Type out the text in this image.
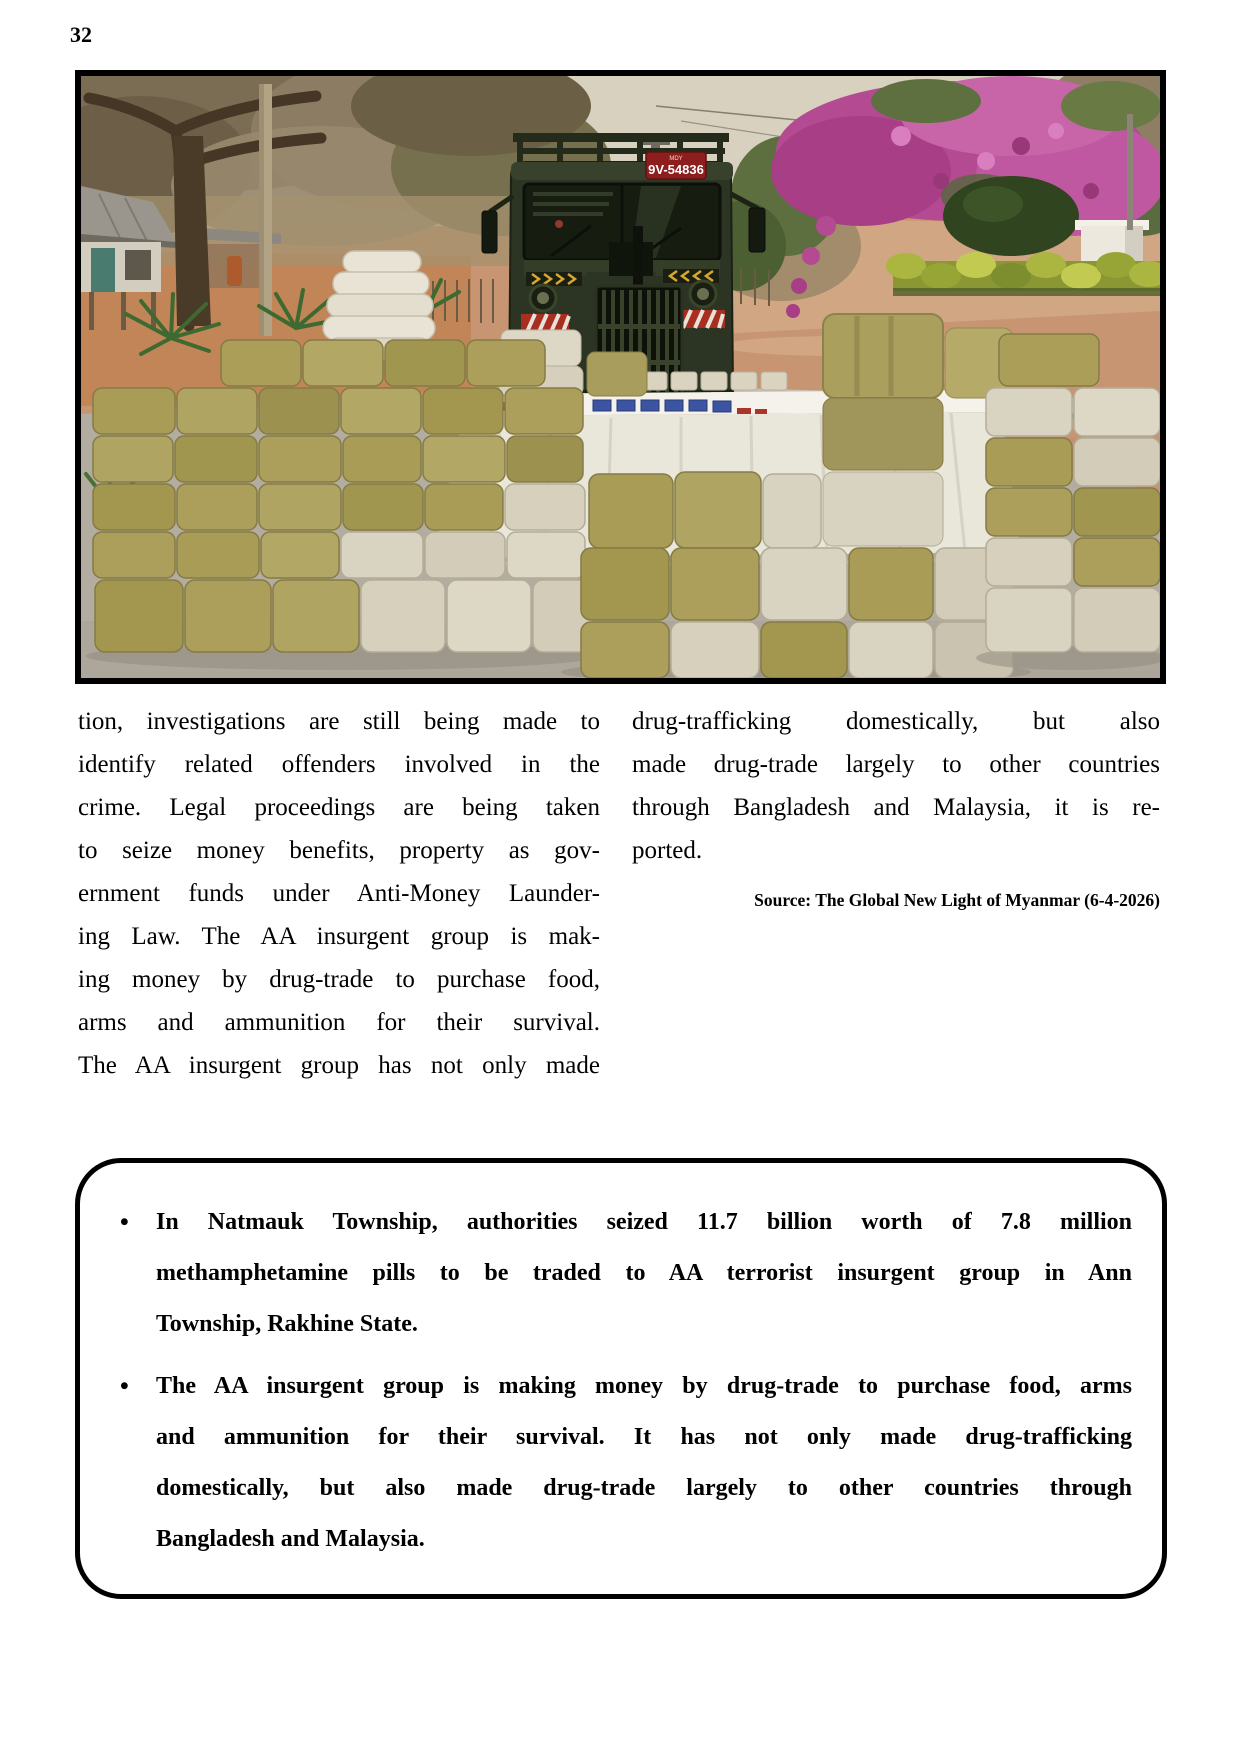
32
MDY
9V-54836
tion, investigations are still being made to
identify related offenders involved in the
crime. Legal proceedings are being taken
to seize money benefits, property as gov-
ernment funds under Anti-Money Launder-
ing Law. The AA insurgent group is mak-
ing money by drug-trade to purchase food,
arms and ammunition for their survival.
The AA insurgent group has not only made
drug-trafficking domestically, but also
made drug-trade largely to other countries
through Bangladesh and Malaysia, it is re-
ported.
Source: The Global New Light of Myanmar (6-4-2026)
•	In Natmauk Township, authorities seized 11.7 billion worth of 7.8 million
methamphetamine pills to be traded to AA terrorist insurgent group in Ann
Township, Rakhine State.
•	The AA insurgent group is making money by drug-trade to purchase food, arms
and ammunition for their survival. It has not only made drug-trafficking
domestically, but also made drug-trade largely to other countries through
Bangladesh and Malaysia.
